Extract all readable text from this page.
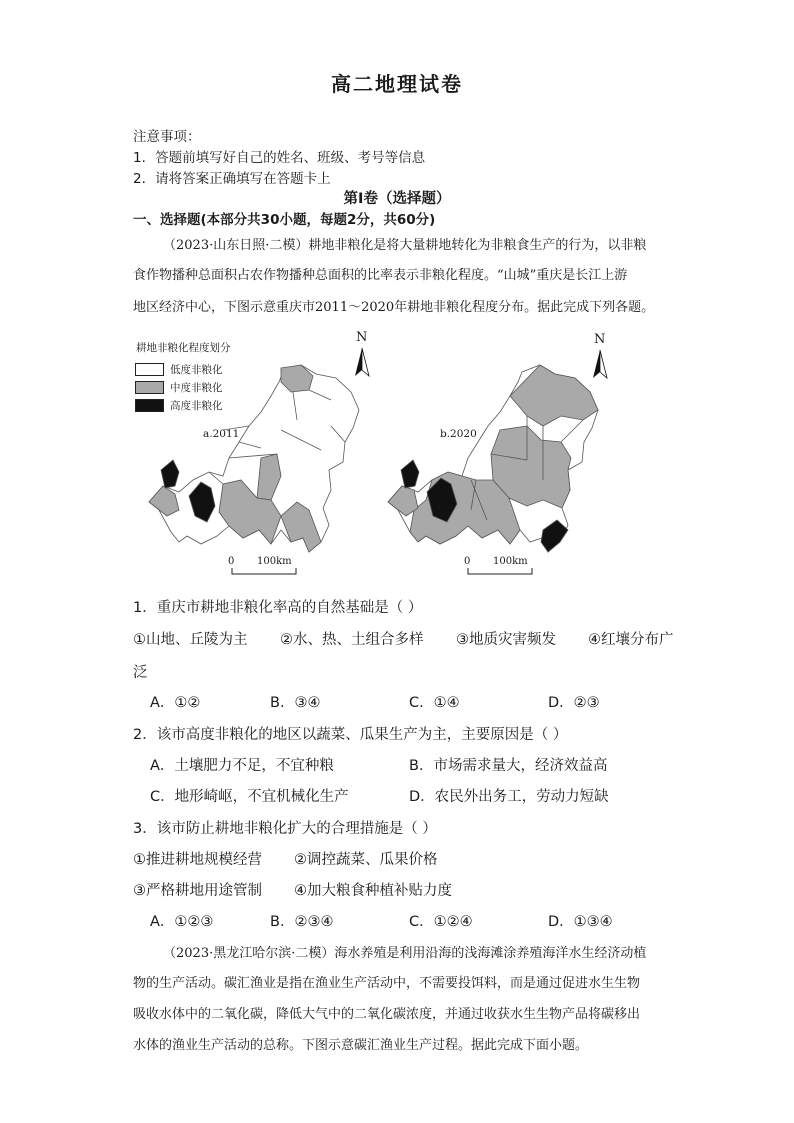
高二地理试卷
注意事项：
1．答题前填写好自己的姓名、班级、考号等信息
2．请将答案正确填写在答题卡上
第I卷（选择题）
一、选择题(本部分共30小题，每题2分，共60分)
（2023·山东日照·二模）耕地非粮化是将大量耕地转化为非粮食生产的行为，以非粮
食作物播种总面积占农作物播种总面积的比率表示非粮化程度。“山城”重庆是长江上游
地区经济中心，下图示意重庆市2011～2020年耕地非粮化程度分布。据此完成下列各题。
耕地非粮化程度划分
低度非粮化
中度非粮化
高度非粮化
N	N
a.2011	b.2020
0 100km	0 100km
1．重庆市耕地非粮化率高的自然基础是（ ）
①山地、丘陵为主 ②水、热、土组合多样 ③地质灾害频发 ④红壤分布广
泛
A．①②	B．③④	C．①④	D．②③
2．该市高度非粮化的地区以蔬菜、瓜果生产为主，主要原因是（ ）
A．土壤肥力不足，不宜种粮	B．市场需求量大，经济效益高
C．地形崎岖，不宜机械化生产	D．农民外出务工，劳动力短缺
3．该市防止耕地非粮化扩大的合理措施是（ ）
①推进耕地规模经营 ②调控蔬菜、瓜果价格
③严格耕地用途管制 ④加大粮食种植补贴力度
A．①②③	B．②③④	C．①②④	D．①③④
（2023·黑龙江哈尔滨·二模）海水养殖是利用沿海的浅海滩涂养殖海洋水生经济动植
物的生产活动。碳汇渔业是指在渔业生产活动中，不需要投饵料，而是通过促进水生生物
吸收水体中的二氧化碳，降低大气中的二氧化碳浓度，并通过收获水生生物产品将碳移出
水体的渔业生产活动的总称。下图示意碳汇渔业生产过程。据此完成下面小题。
